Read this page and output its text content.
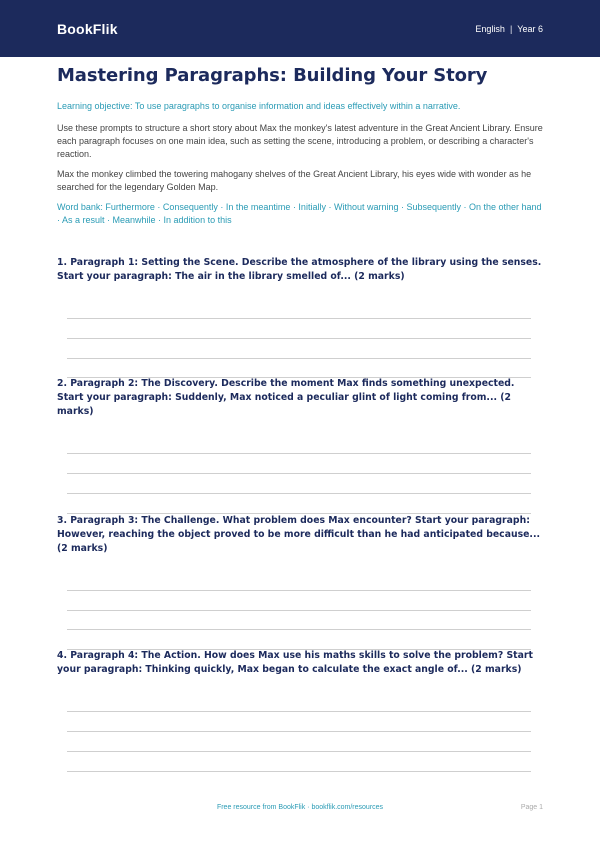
BookFlik	English | Year 6
Mastering Paragraphs: Building Your Story

Learning objective: To use paragraphs to organise information and ideas effectively within a narrative.

Use these prompts to structure a short story about Max the monkey's latest adventure in the Great Ancient Library. Ensure each paragraph focuses on one main idea, such as setting the scene, introducing a problem, or describing a character's reaction.

Max the monkey climbed the towering mahogany shelves of the Great Ancient Library, his eyes wide with wonder as he searched for the legendary Golden Map.

Word bank: Furthermore · Consequently · In the meantime · Initially · Without warning · Subsequently · On the other hand · As a result · Meanwhile · In addition to this

1. Paragraph 1: Setting the Scene. Describe the atmosphere of the library using the senses. Start your paragraph: The air in the library smelled of... (2 marks)
2. Paragraph 2: The Discovery. Describe the moment Max finds something unexpected. Start your paragraph: Suddenly, Max noticed a peculiar glint of light coming from... (2 marks)
3. Paragraph 3: The Challenge. What problem does Max encounter? Start your paragraph: However, reaching the object proved to be more difficult than he had anticipated because... (2 marks)
4. Paragraph 4: The Action. How does Max use his maths skills to solve the problem? Start your paragraph: Thinking quickly, Max began to calculate the exact angle of... (2 marks)
Free resource from BookFlik · bookflik.com/resources	Page 1
